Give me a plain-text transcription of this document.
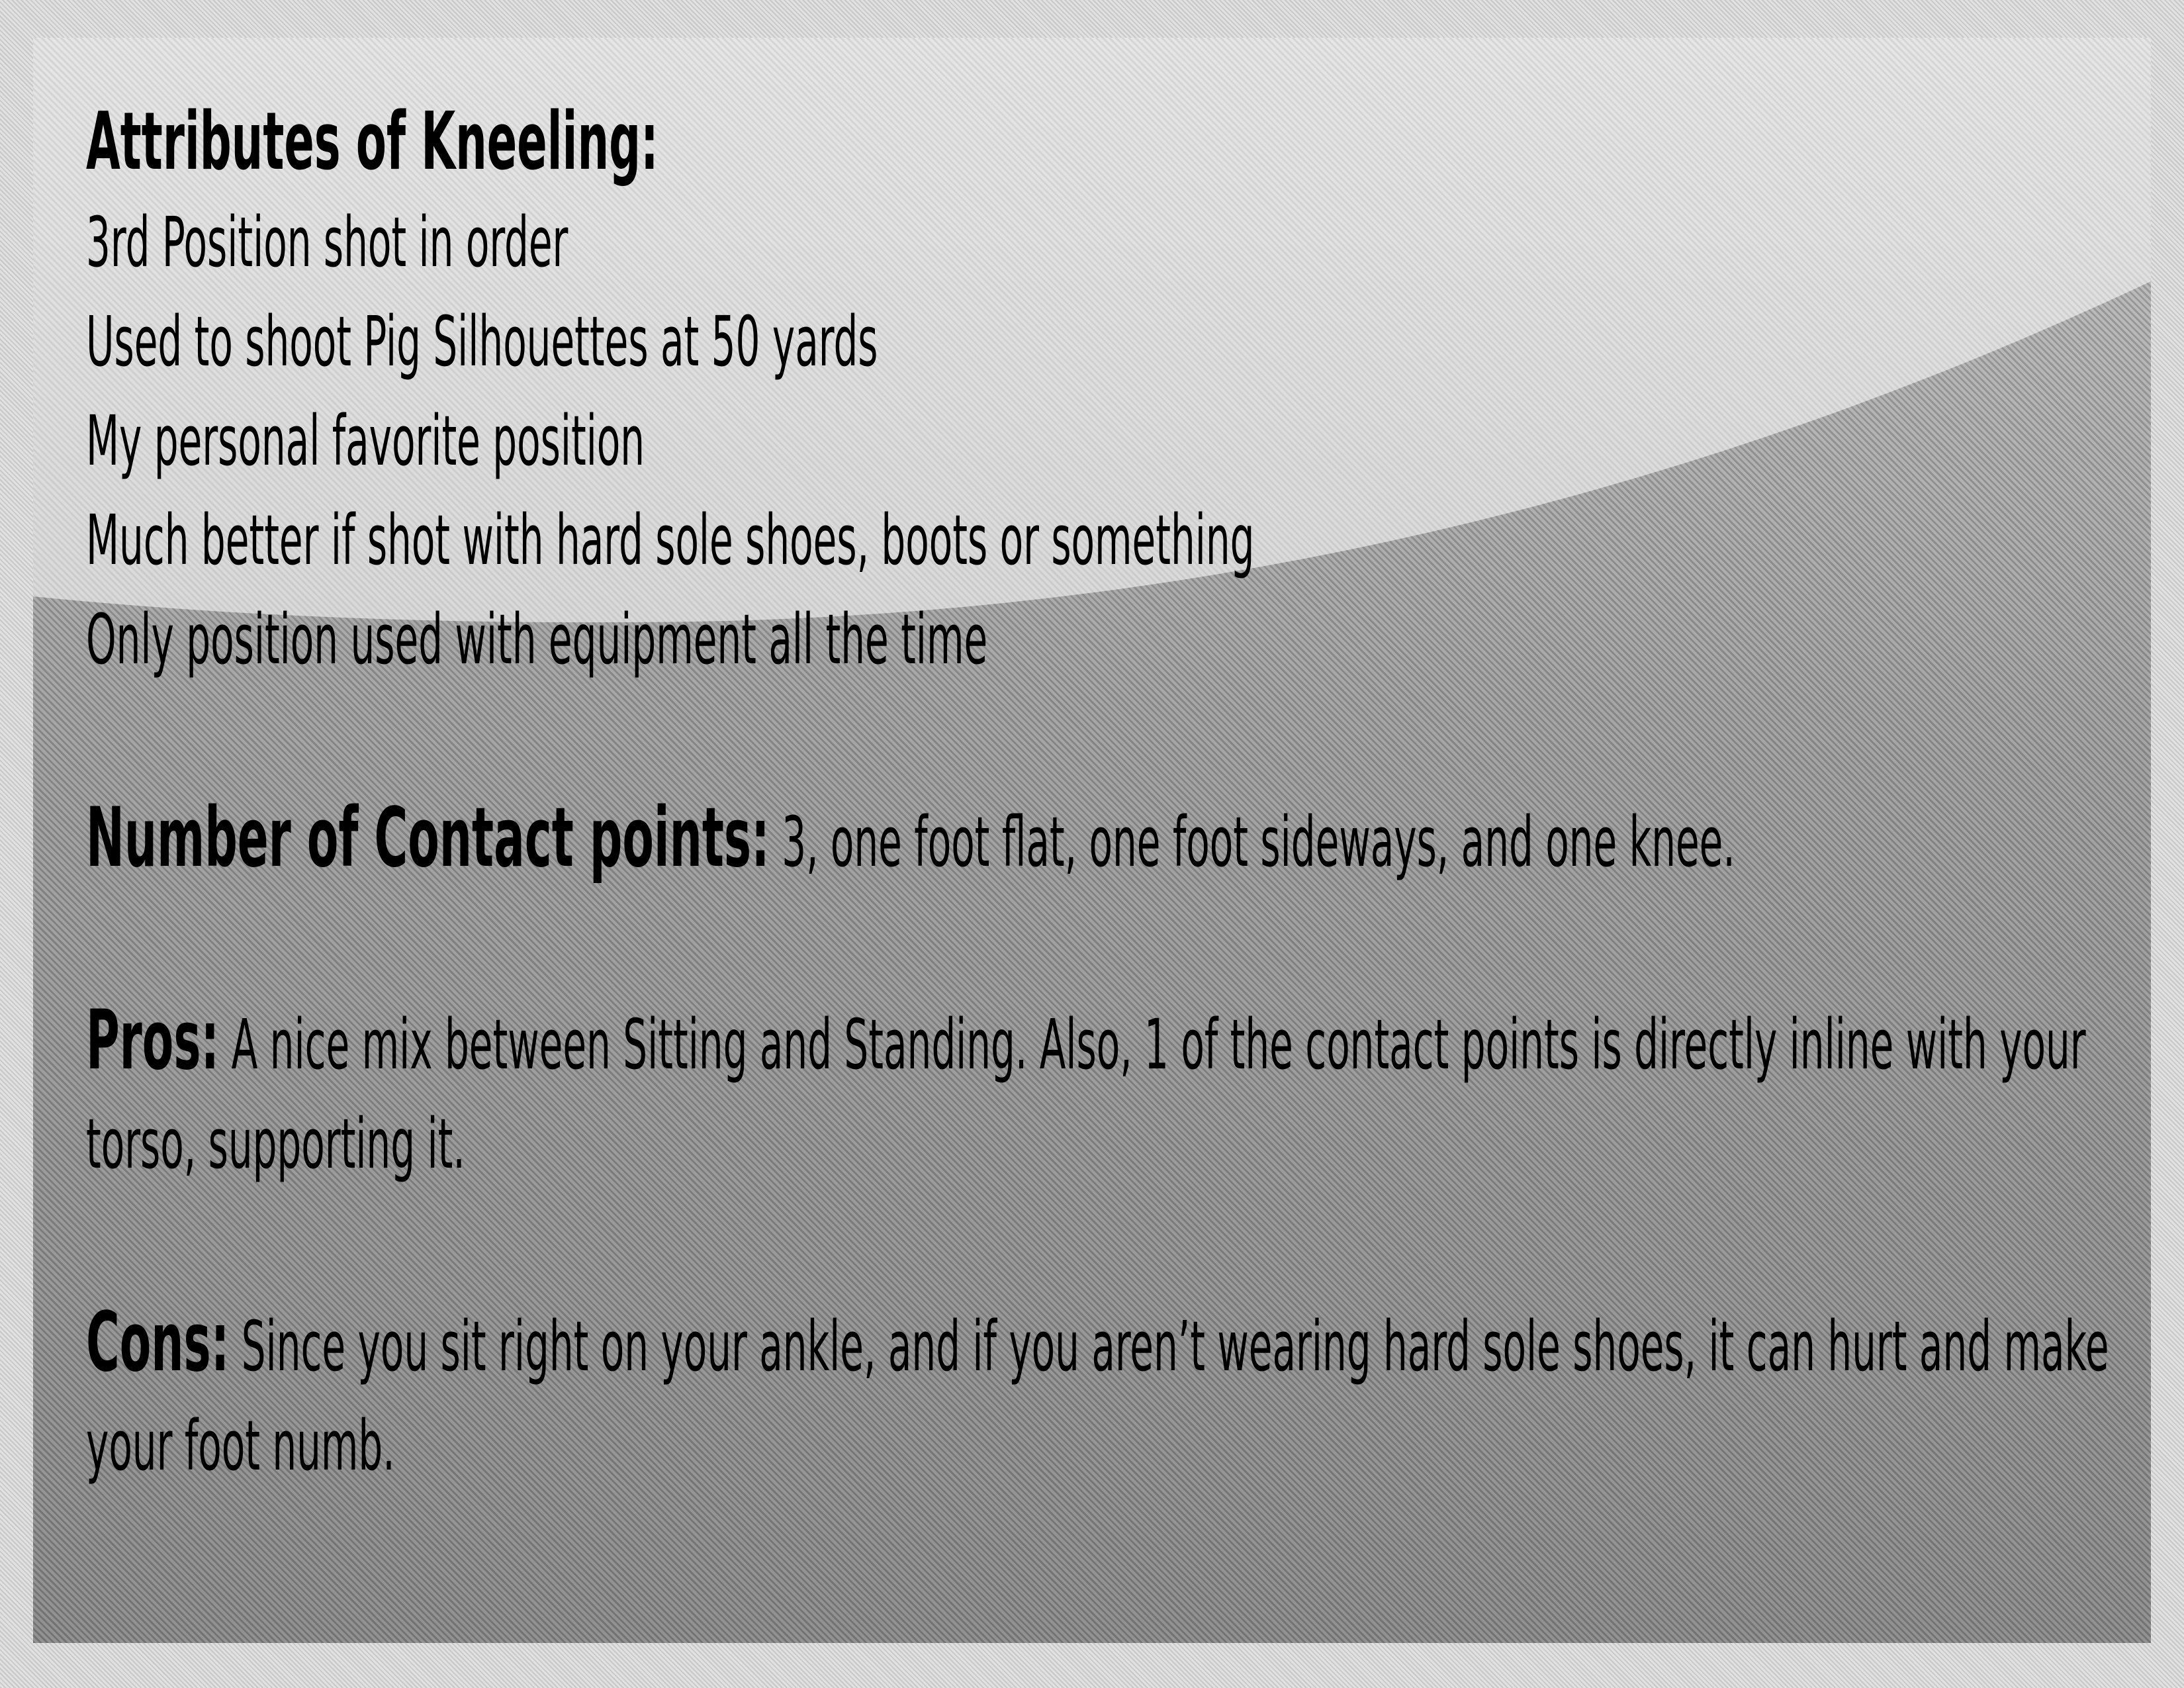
Attributes of Kneeling:
3rd Position shot in order
Used to shoot Pig Silhouettes at 50 yards
My personal favorite position
Much better if shot with hard sole shoes, boots or something
Only position used with equipment all the time
Number of Contact points: 3, one foot flat, one foot sideways, and one knee.
Pros: A nice mix between Sitting and Standing. Also, 1 of the contact points is directly inline with your torso, supporting it.
Cons: Since you sit right on your ankle, and if you aren’t wearing hard sole shoes, it can hurt and make your foot numb.
